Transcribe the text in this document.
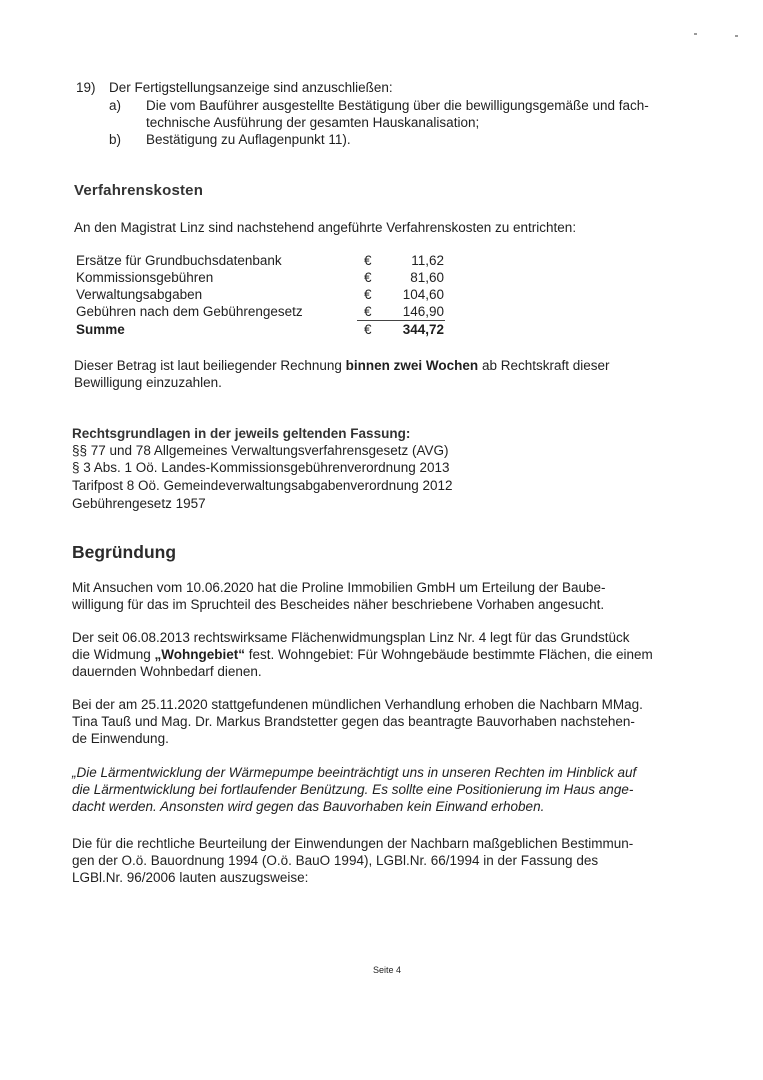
19) Der Fertigstellungsanzeige sind anzuschließen:
a) Die vom Bauführer ausgestellte Bestätigung über die bewilligungsgemäße und fach-
technische Ausführung der gesamten Hauskanalisation;
b) Bestätigung zu Auflagenpunkt 11).
Verfahrenskosten
An den Magistrat Linz sind nachstehend angeführte Verfahrenskosten zu entrichten:
Ersätze für Grundbuchsdatenbank	€	11,62
Kommissionsgebühren	€	81,60
Verwaltungsabgaben	€	104,60
Gebühren nach dem Gebührengesetz	€	146,90
Summe	€	344,72
Dieser Betrag ist laut beiliegender Rechnung binnen zwei Wochen ab Rechtskraft dieser
Bewilligung einzuzahlen.
Rechtsgrundlagen in der jeweils geltenden Fassung:
§§ 77 und 78 Allgemeines Verwaltungsverfahrensgesetz (AVG)
§ 3 Abs. 1 Oö. Landes-Kommissionsgebührenverordnung 2013
Tarifpost 8 Oö. Gemeindeverwaltungsabgabenverordnung 2012
Gebührengesetz 1957
Begründung
Mit Ansuchen vom 10.06.2020 hat die Proline Immobilien GmbH um Erteilung der Baube-
willigung für das im Spruchteil des Bescheides näher beschriebene Vorhaben angesucht.
Der seit 06.08.2013 rechtswirksame Flächenwidmungsplan Linz Nr. 4 legt für das Grundstück
die Widmung „Wohngebiet“ fest. Wohngebiet: Für Wohngebäude bestimmte Flächen, die einem
dauernden Wohnbedarf dienen.
Bei der am 25.11.2020 stattgefundenen mündlichen Verhandlung erhoben die Nachbarn MMag.
Tina Tauß und Mag. Dr. Markus Brandstetter gegen das beantragte Bauvorhaben nachstehen-
de Einwendung.
„Die Lärmentwicklung der Wärmepumpe beeinträchtigt uns in unseren Rechten im Hinblick auf
die Lärmentwicklung bei fortlaufender Benützung. Es sollte eine Positionierung im Haus ange-
dacht werden. Ansonsten wird gegen das Bauvorhaben kein Einwand erhoben.
Die für die rechtliche Beurteilung der Einwendungen der Nachbarn maßgeblichen Bestimmun-
gen der O.ö. Bauordnung 1994 (O.ö. BauO 1994), LGBl.Nr. 66/1994 in der Fassung des
LGBl.Nr. 96/2006 lauten auszugsweise:
Seite 4
